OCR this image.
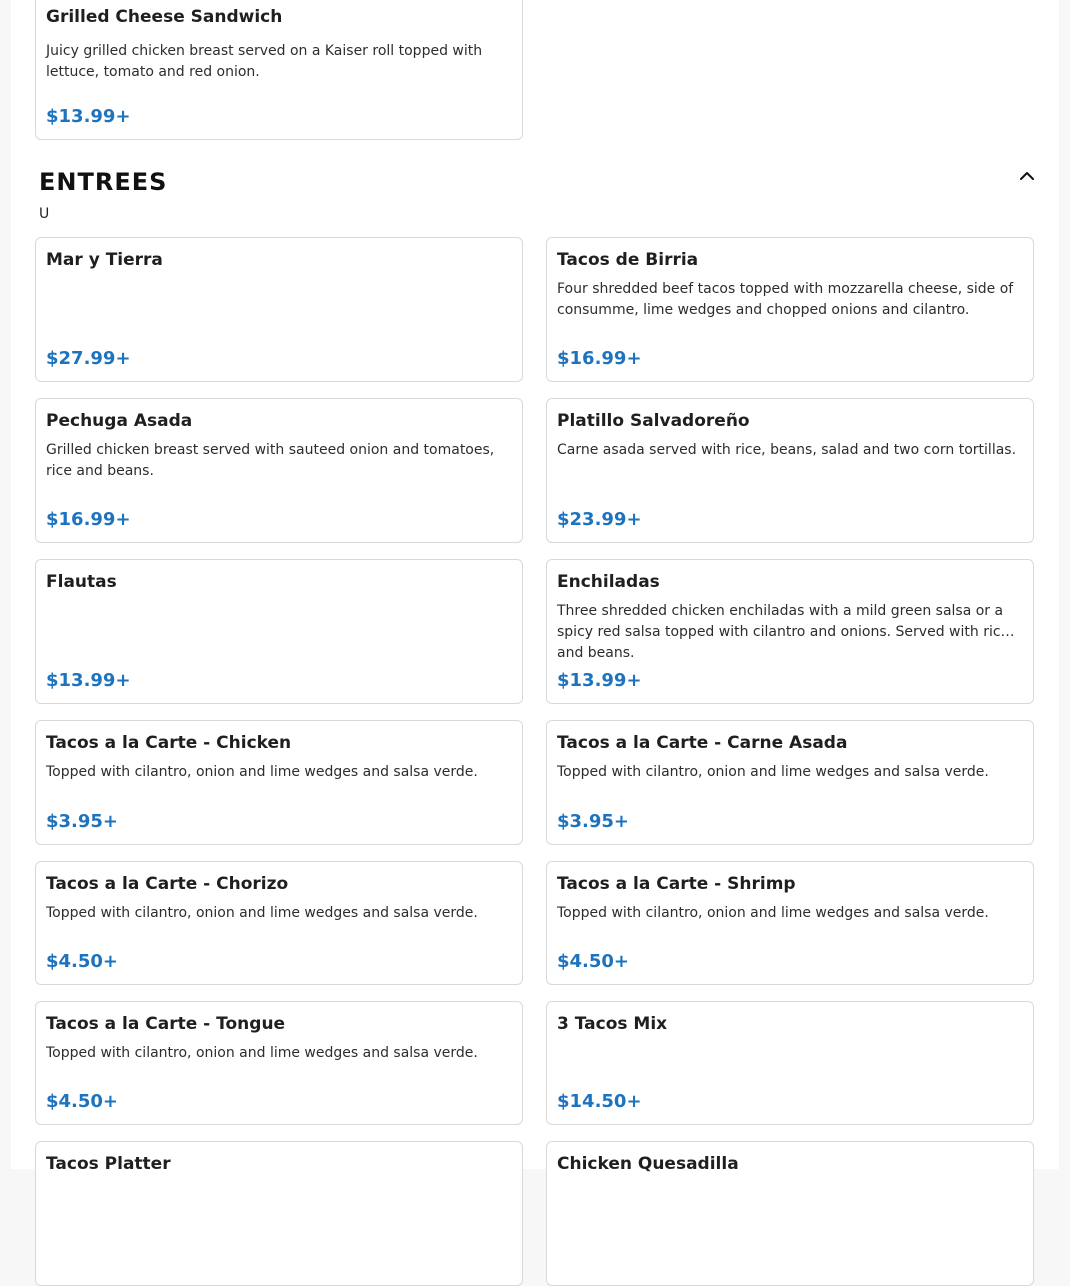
Grilled Cheese Sandwich
Juicy grilled chicken breast served on a Kaiser roll topped with lettuce, tomato and red onion.
$13.99+
ENTREES
U
Mar y Tierra
$27.99+
Tacos de Birria
Four shredded beef tacos topped with mozzarella cheese, side of consumme, lime wedges and chopped onions and cilantro.
$16.99+
Pechuga Asada
Grilled chicken breast served with sauteed onion and tomatoes, rice and beans.
$16.99+
Platillo Salvadoreño
Carne asada served with rice, beans, salad and two corn tortillas.
$23.99+
Flautas
$13.99+
Enchiladas
Three shredded chicken enchiladas with a mild green salsa or a spicy red salsa topped with cilantro and onions. Served with rice and beans.
$13.99+
Tacos a la Carte - Chicken
Topped with cilantro, onion and lime wedges and salsa verde.
$3.95+
Tacos a la Carte - Carne Asada
Topped with cilantro, onion and lime wedges and salsa verde.
$3.95+
Tacos a la Carte - Chorizo
Topped with cilantro, onion and lime wedges and salsa verde.
$4.50+
Tacos a la Carte - Shrimp
Topped with cilantro, onion and lime wedges and salsa verde.
$4.50+
Tacos a la Carte - Tongue
Topped with cilantro, onion and lime wedges and salsa verde.
$4.50+
3 Tacos Mix
$14.50+
Tacos Platter	Chicken Quesadilla
